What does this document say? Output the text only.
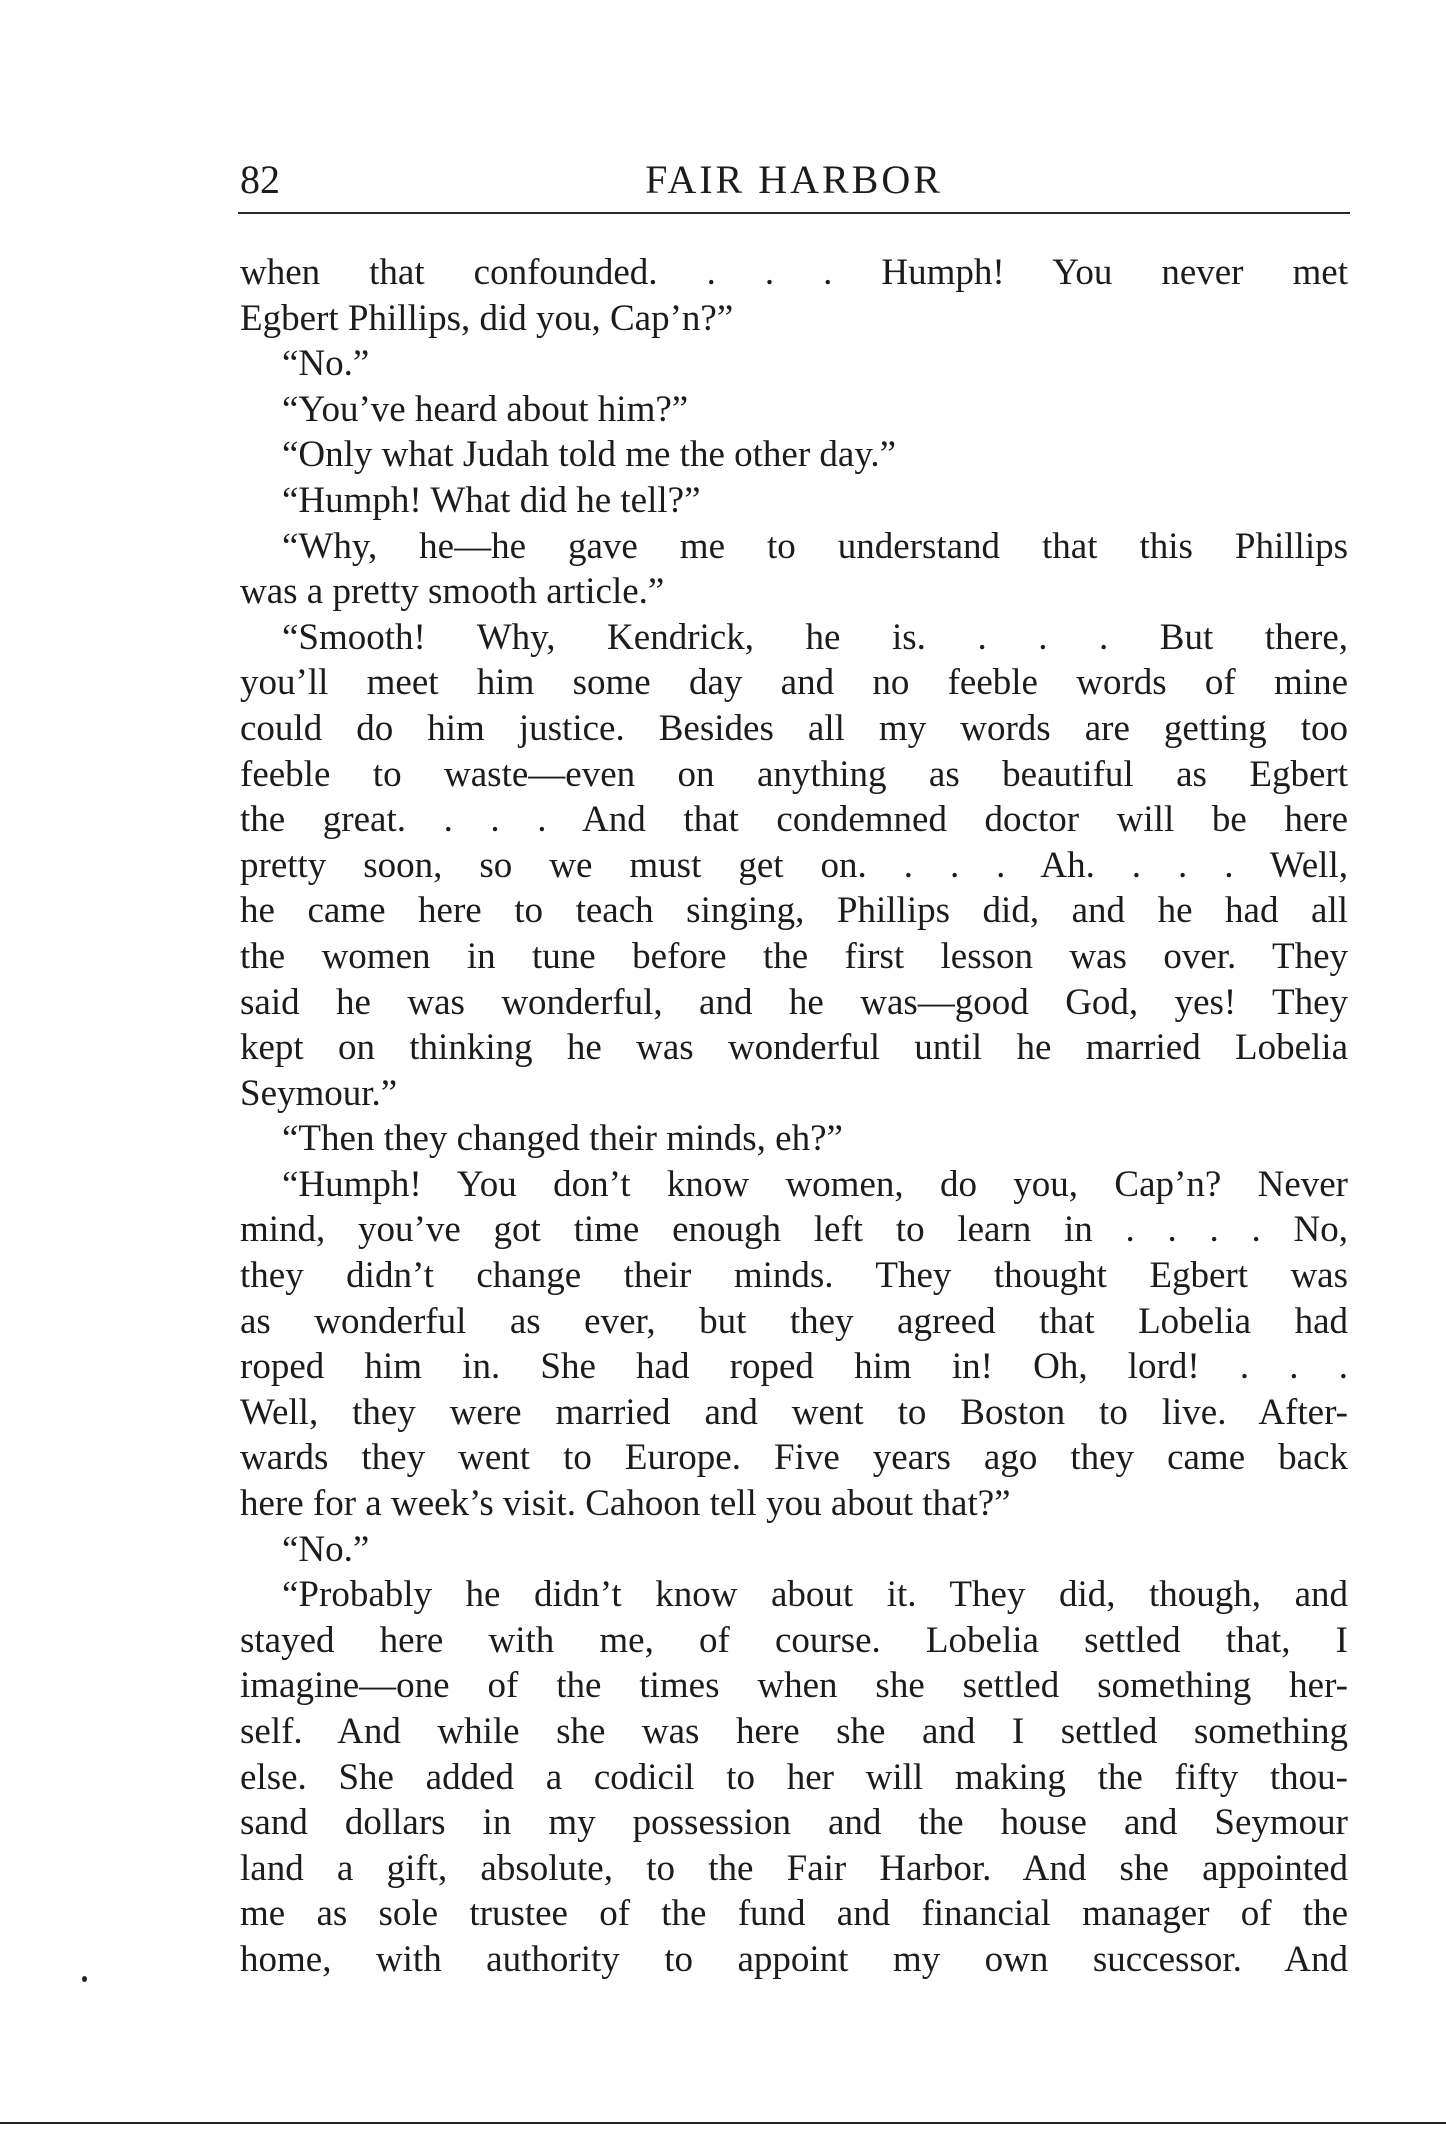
82	FAIR HARBOR
when that confounded. . . . Humph! You never met
Egbert Phillips, did you, Cap’n?”
“No.”
“You’ve heard about him?”
“Only what Judah told me the other day.”
“Humph! What did he tell?”
“Why, he—he gave me to understand that this Phillips
was a pretty smooth article.”
“Smooth! Why, Kendrick, he is. . . . But there,
you’ll meet him some day and no feeble words of mine
could do him justice. Besides all my words are getting too
feeble to waste—even on anything as beautiful as Egbert
the great. . . . And that condemned doctor will be here
pretty soon, so we must get on. . . . Ah. . . . Well,
he came here to teach singing, Phillips did, and he had all
the women in tune before the first lesson was over. They
said he was wonderful, and he was—good God, yes! They
kept on thinking he was wonderful until he married Lobelia
Seymour.”
“Then they changed their minds, eh?”
“Humph! You don’t know women, do you, Cap’n? Never
mind, you’ve got time enough left to learn in . . . . No,
they didn’t change their minds. They thought Egbert was
as wonderful as ever, but they agreed that Lobelia had
roped him in. She had roped him in! Oh, lord! . . .
Well, they were married and went to Boston to live. After-
wards they went to Europe. Five years ago they came back
here for a week’s visit. Cahoon tell you about that?”
“No.”
“Probably he didn’t know about it. They did, though, and
stayed here with me, of course. Lobelia settled that, I
imagine—one of the times when she settled something her-
self. And while she was here she and I settled something
else. She added a codicil to her will making the fifty thou-
sand dollars in my possession and the house and Seymour
land a gift, absolute, to the Fair Harbor. And she appointed
me as sole trustee of the fund and financial manager of the
home, with authority to appoint my own successor. And
